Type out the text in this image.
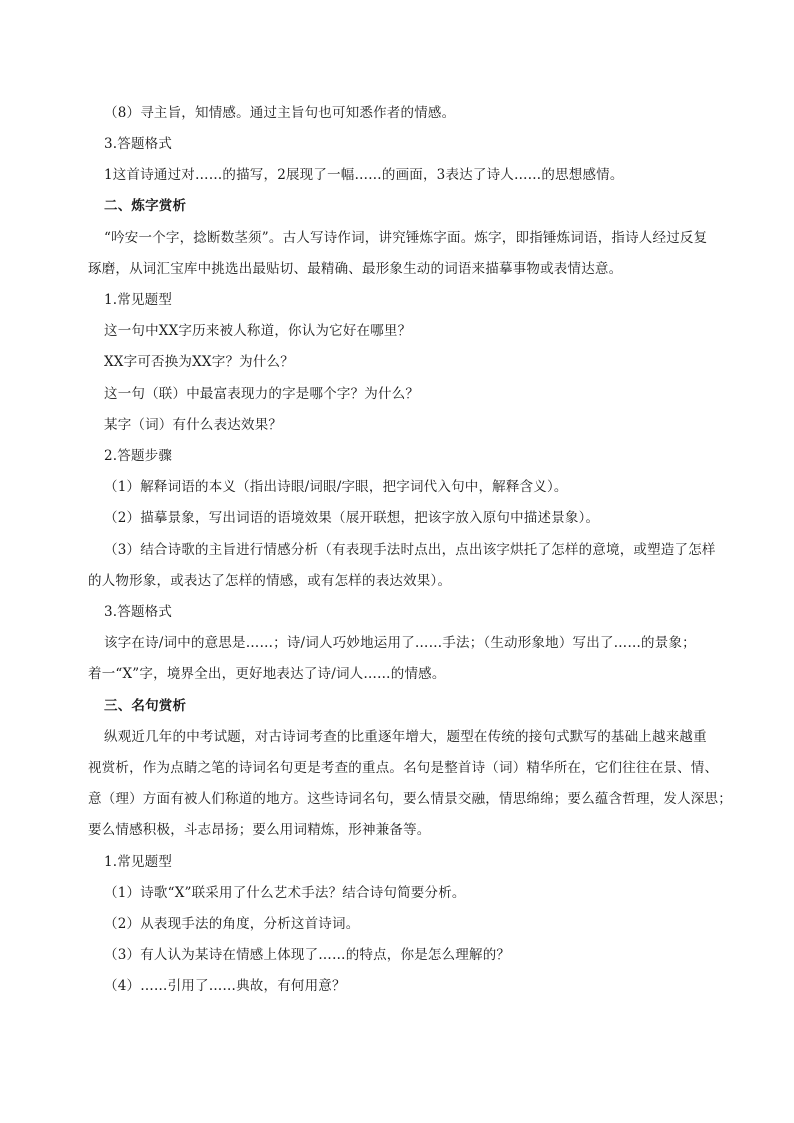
（8）寻主旨，知情感。通过主旨句也可知悉作者的情感。
3.答题格式
1这首诗通过对……的描写，2展现了一幅……的画面，3表达了诗人……的思想感情。
二、炼字赏析
“吟安一个字，捻断数茎须”。古人写诗作词，讲究锤炼字面。炼字，即指锤炼词语，指诗人经过反复
琢磨，从词汇宝库中挑选出最贴切、最精确、最形象生动的词语来描摹事物或表情达意。
1.常见题型
这一句中XX字历来被人称道，你认为它好在哪里？
XX字可否换为XX字？为什么？
这一句（联）中最富表现力的字是哪个字？为什么？
某字（词）有什么表达效果？
2.答题步骤
（1）解释词语的本义（指出诗眼/词眼/字眼，把字词代入句中，解释含义）。
（2）描摹景象，写出词语的语境效果（展开联想，把该字放入原句中描述景象）。
（3）结合诗歌的主旨进行情感分析（有表现手法时点出，点出该字烘托了怎样的意境，或塑造了怎样
的人物形象，或表达了怎样的情感，或有怎样的表达效果）。
3.答题格式
该字在诗/词中的意思是……；诗/词人巧妙地运用了……手法；（生动形象地）写出了……的景象；
着一“X”字，境界全出，更好地表达了诗/词人……的情感。
三、名句赏析
纵观近几年的中考试题，对古诗词考查的比重逐年增大，题型在传统的接句式默写的基础上越来越重
视赏析，作为点睛之笔的诗词名句更是考查的重点。名句是整首诗（词）精华所在，它们往往在景、情、
意（理）方面有被人们称道的地方。这些诗词名句，要么情景交融，情思绵绵；要么蕴含哲理，发人深思；
要么情感积极，斗志昂扬；要么用词精炼，形神兼备等。
1.常见题型
（1）诗歌“X”联采用了什么艺术手法？结合诗句简要分析。
（2）从表现手法的角度，分析这首诗词。
（3）有人认为某诗在情感上体现了……的特点，你是怎么理解的？
（4）……引用了……典故，有何用意？
